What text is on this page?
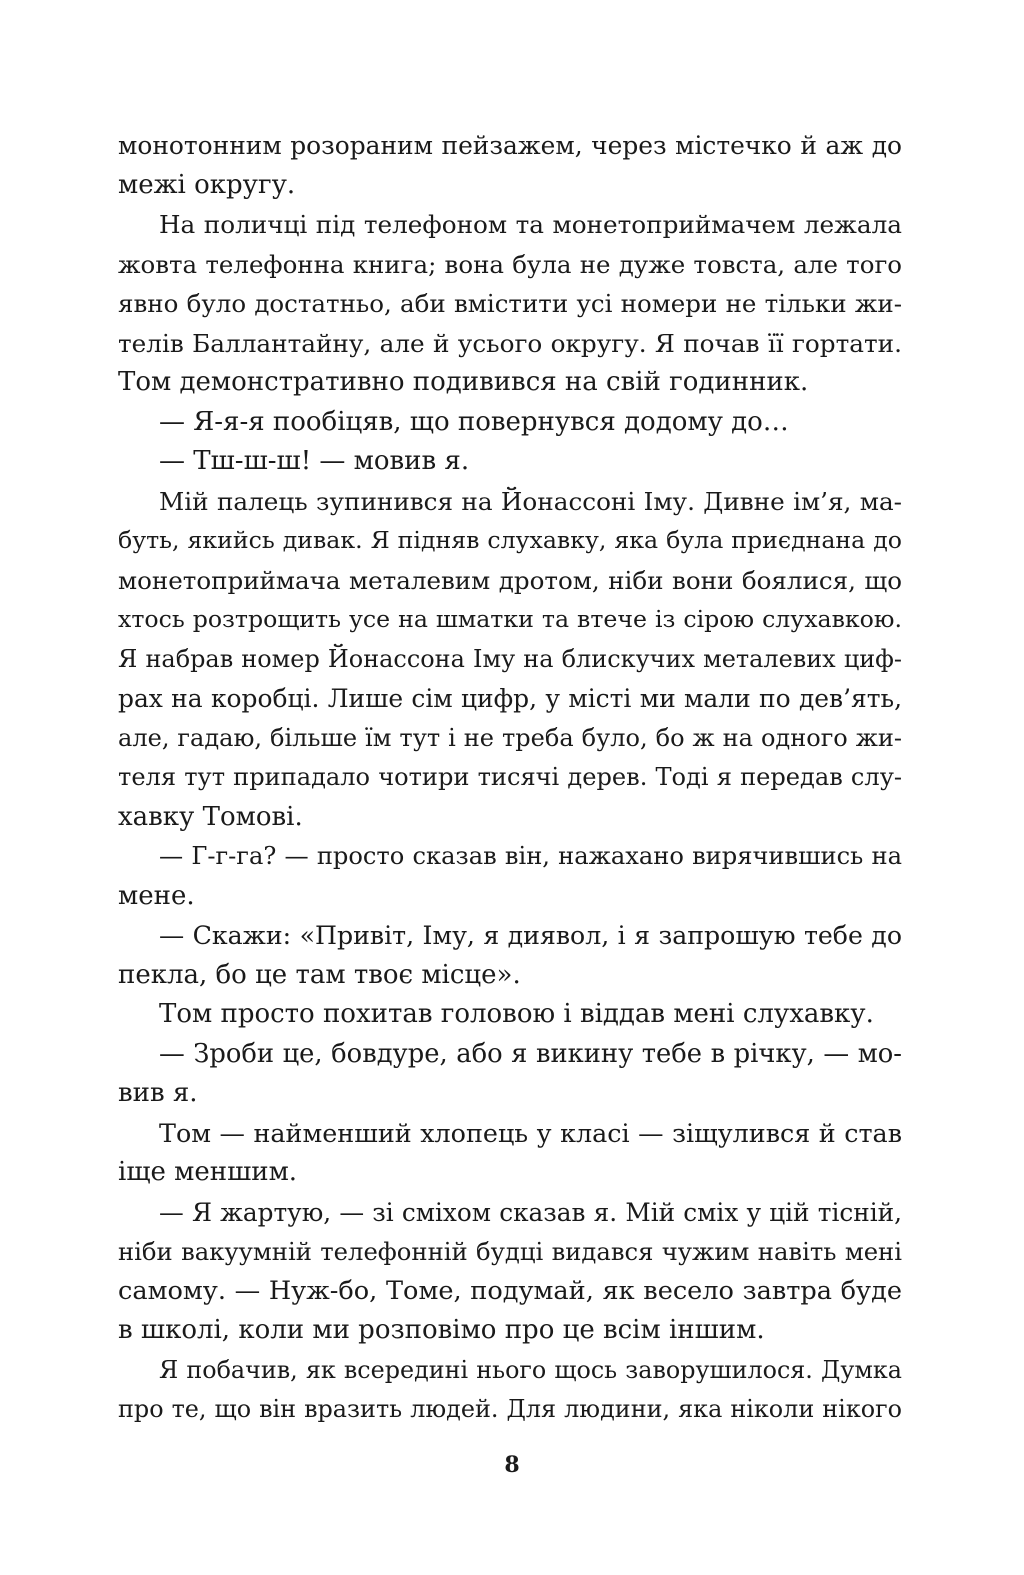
монотонним розораним пейзажем, через містечко й аж до
межі округу.

На поличці під телефоном та монетоприймачем лежала
жовта телефонна книга; вона була не дуже товста, але того
явно було достатньо, аби вмістити усі номери не тільки жи-
телів Баллантайну, але й усього округу. Я почав її гортати.
Том демонстративно подивився на свій годинник.

— Я-я-я пообіцяв, що повернувся додому до…

— Тш-ш-ш! — мовив я.

Мій палець зупинився на Йонассоні Іму. Дивне ім’я, ма-
буть, якийсь дивак. Я підняв слухавку, яка була приєднана до
монетоприймача металевим дротом, ніби вони боялися, що
хтось розтрощить усе на шматки та втече із сірою слухавкою.
Я набрав номер Йонассона Іму на блискучих металевих циф-
рах на коробці. Лише сім цифр, у місті ми мали по дев’ять,
але, гадаю, більше їм тут і не треба було, бо ж на одного жи-
теля тут припадало чотири тисячі дерев. Тоді я передав слу-
хавку Томові.

— Г-г-га? — просто сказав він, нажахано вирячившись на
мене.

— Скажи: «Привіт, Іму, я диявол, і я запрошую тебе до
пекла, бо це там твоє місце».

Том просто похитав головою і віддав мені слухавку.

— Зроби це, бовдуре, або я викину тебе в річку, — мо-
вив я.

Том — найменший хлопець у класі — зіщулився й став
іще меншим.

— Я жартую, — зі сміхом сказав я. Мій сміх у цій тісній,
ніби вакуумній телефонній будці видався чужим навіть мені
самому. — Нуж-бо, Томе, подумай, як весело завтра буде
в школі, коли ми розповімо про це всім іншим.

Я побачив, як всередині нього щось заворушилося. Думка
про те, що він вразить людей. Для людини, яка ніколи нікого

8
